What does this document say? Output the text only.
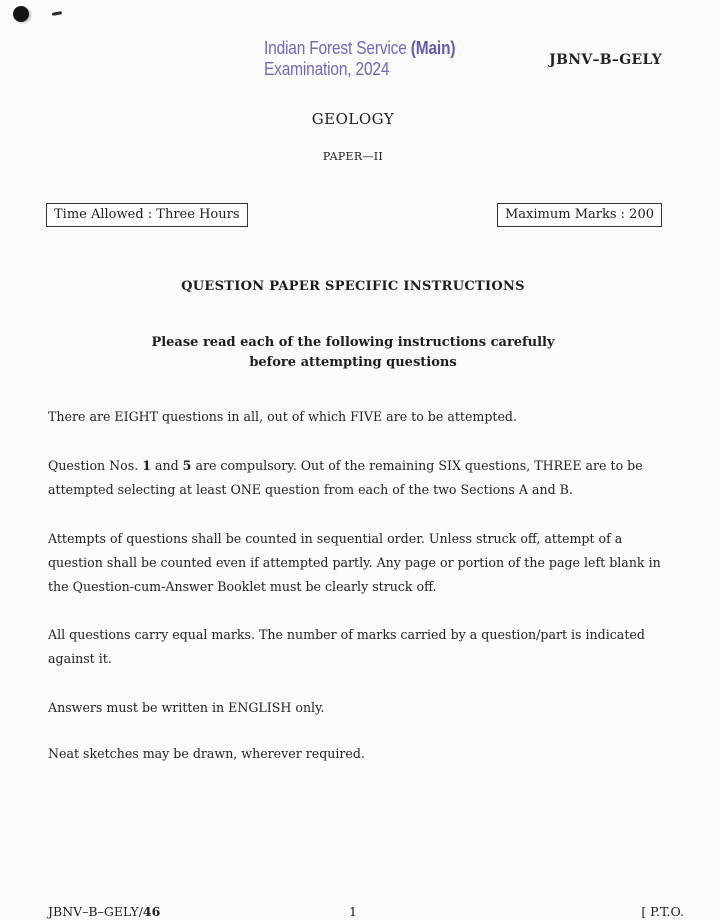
Indian Forest Service (Main)
Examination, 2024	JBNV–B–GELY
GEOLOGY
PAPER—II
Time Allowed : Three Hours	Maximum Marks : 200
QUESTION PAPER SPECIFIC INSTRUCTIONS
Please read each of the following instructions carefully
before attempting questions
There are EIGHT questions in all, out of which FIVE are to be attempted.
Question Nos. 1 and 5 are compulsory. Out of the remaining SIX questions, THREE are to be attempted selecting at least ONE question from each of the two Sections A and B.
Attempts of questions shall be counted in sequential order. Unless struck off, attempt of a question shall be counted even if attempted partly. Any page or portion of the page left blank in the Question-cum-Answer Booklet must be clearly struck off.
All questions carry equal marks. The number of marks carried by a question/part is indicated against it.
Answers must be written in ENGLISH only.
Neat sketches may be drawn, wherever required.
JBNV–B–GELY/46	1	[ P.T.O.
